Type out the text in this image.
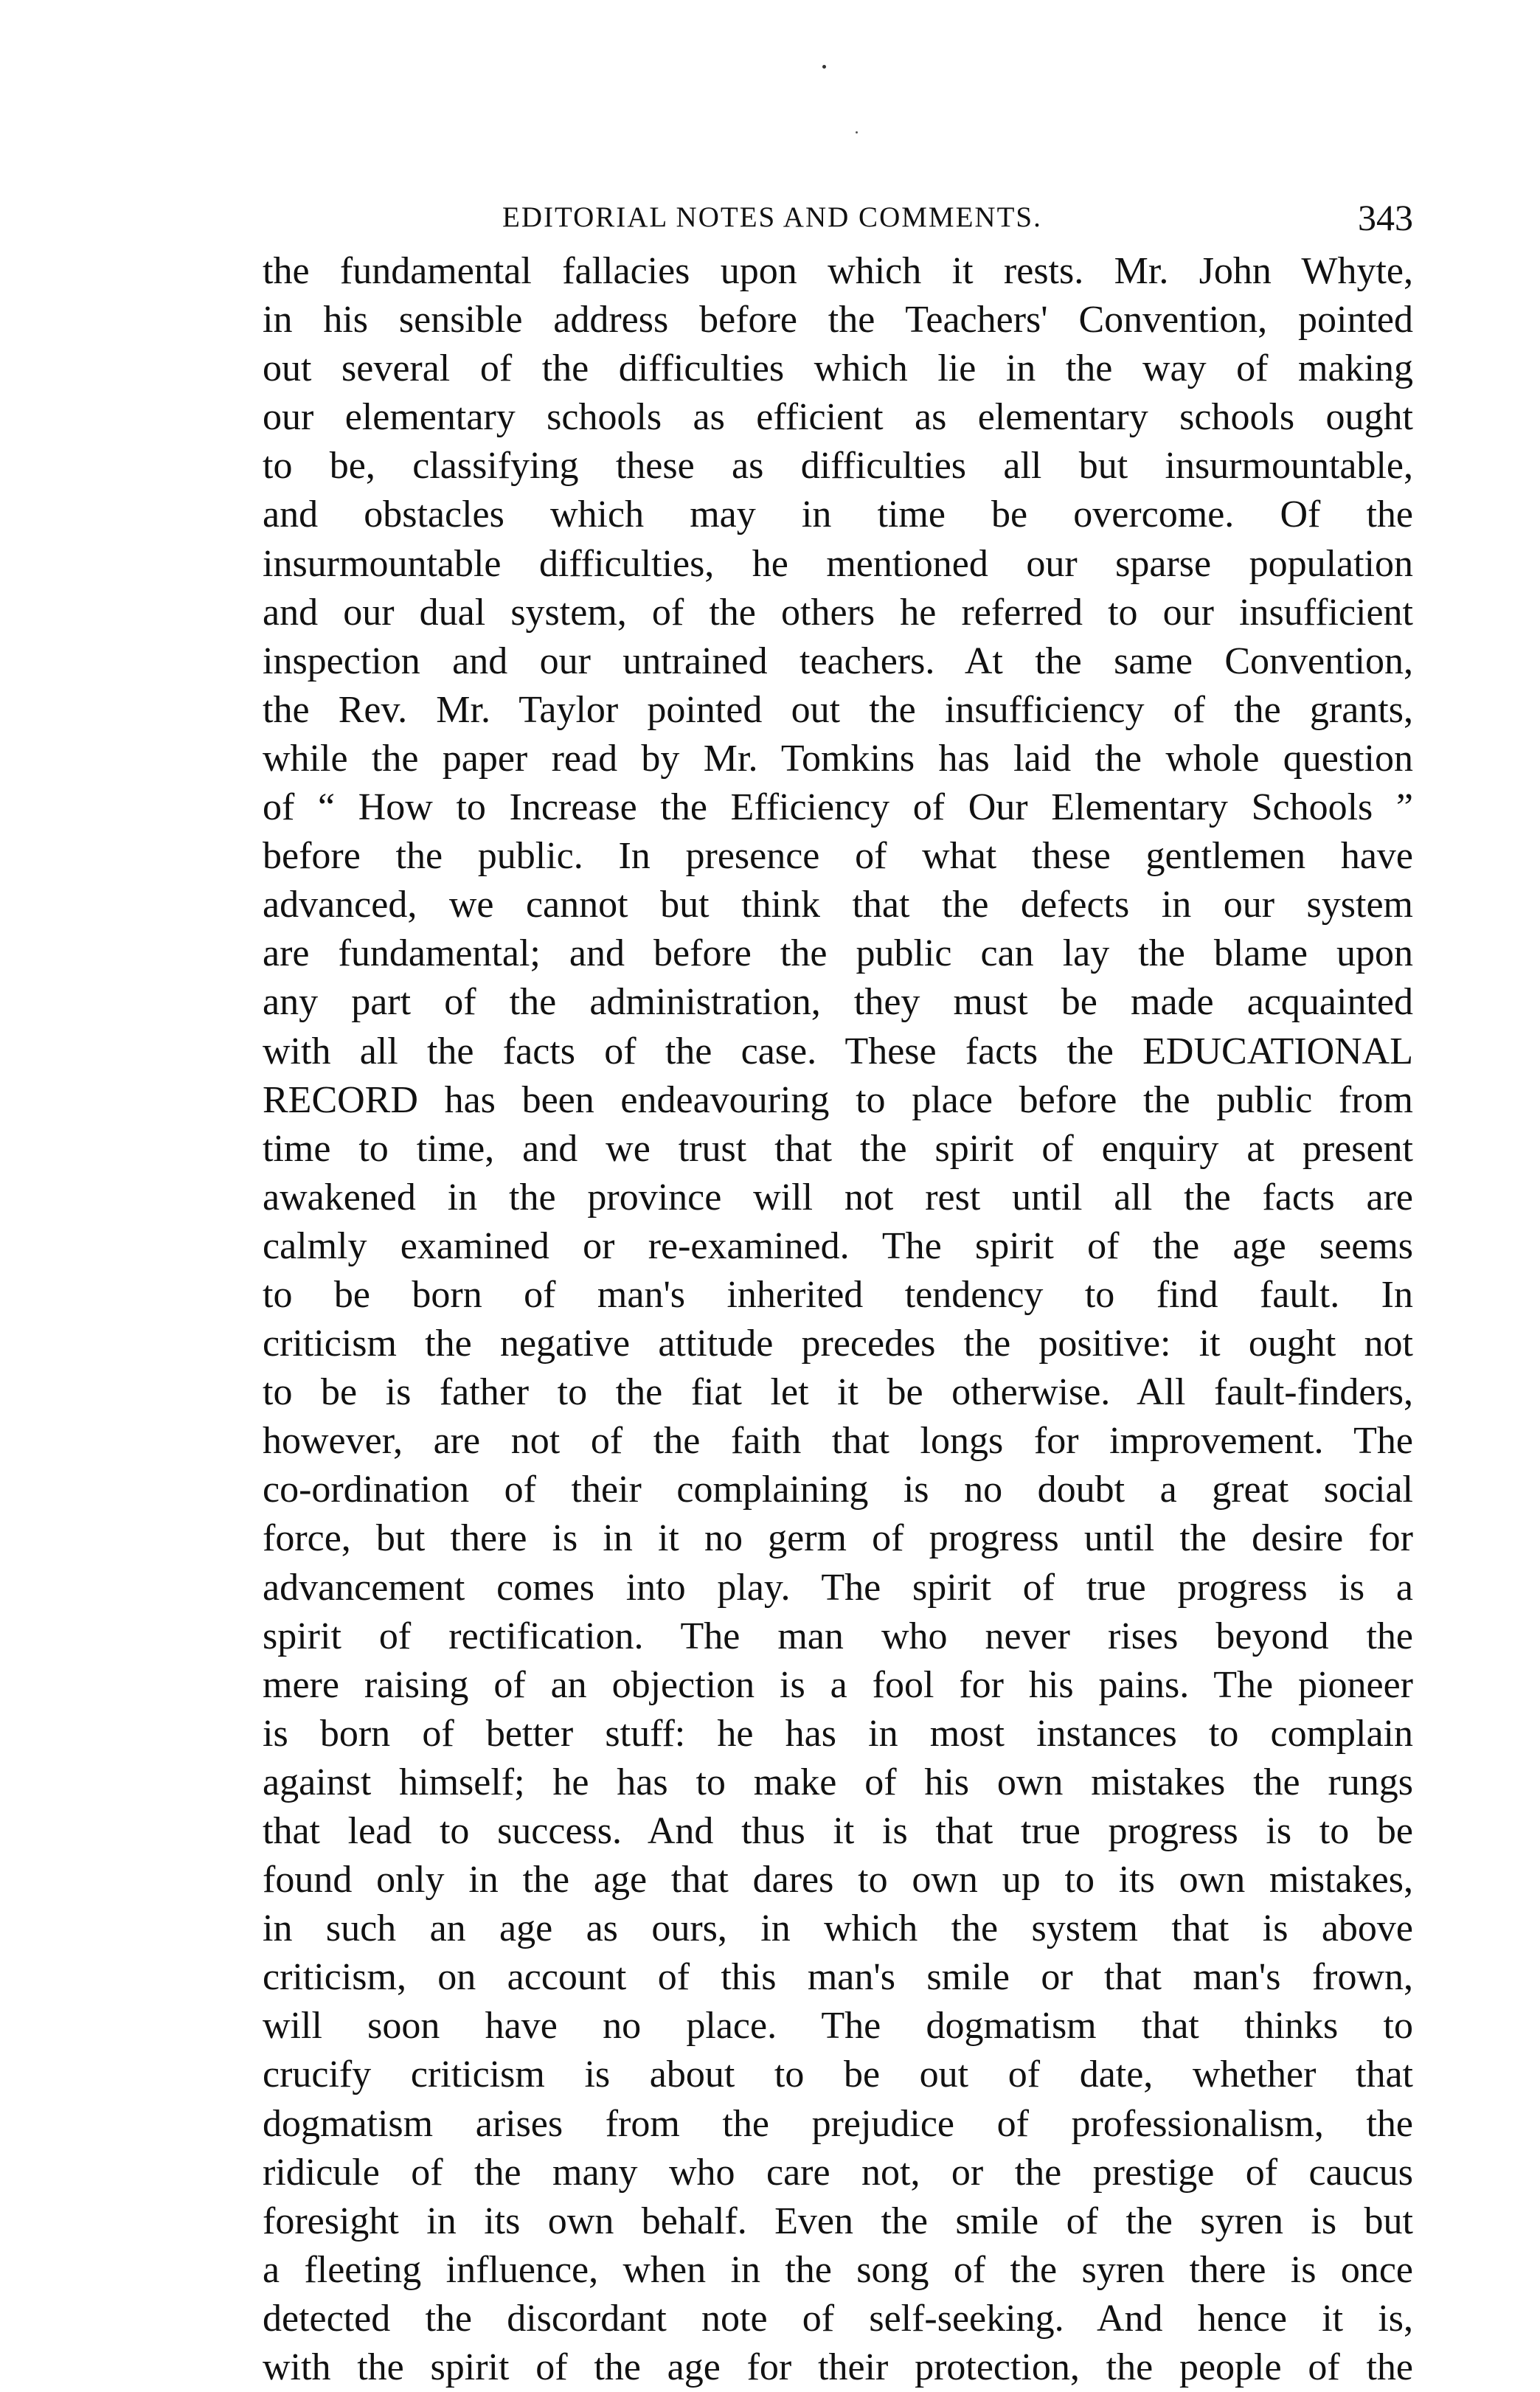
EDITORIAL NOTES AND COMMENTS.	343
the fundamental fallacies upon which it rests. Mr. John Whyte,
in his sensible address before the Teachers' Convention, pointed
out several of the difficulties which lie in the way of making
our elementary schools as efficient as elementary schools ought
to be, classifying these as difficulties all but insurmountable,
and obstacles which may in time be overcome. Of the
insurmountable difficulties, he mentioned our sparse population
and our dual system, of the others he referred to our insufficient
inspection and our untrained teachers. At the same Convention,
the Rev. Mr. Taylor pointed out the insufficiency of the grants,
while the paper read by Mr. Tomkins has laid the whole question
of “ How to Increase the Efficiency of Our Elementary Schools ”
before the public. In presence of what these gentlemen have
advanced, we cannot but think that the defects in our system
are fundamental; and before the public can lay the blame upon
any part of the administration, they must be made acquainted
with all the facts of the case. These facts the EDUCATIONAL
RECORD has been endeavouring to place before the public from
time to time, and we trust that the spirit of enquiry at present
awakened in the province will not rest until all the facts are
calmly examined or re-examined. The spirit of the age seems
to be born of man's inherited tendency to find fault. In
criticism the negative attitude precedes the positive: it ought not
to be is father to the fiat let it be otherwise. All fault-finders,
however, are not of the faith that longs for improvement. The
co-ordination of their complaining is no doubt a great social
force, but there is in it no germ of progress until the desire for
advancement comes into play. The spirit of true progress is a
spirit of rectification. The man who never rises beyond the
mere raising of an objection is a fool for his pains. The pioneer
is born of better stuff: he has in most instances to complain
against himself; he has to make of his own mistakes the rungs
that lead to success. And thus it is that true progress is to be
found only in the age that dares to own up to its own mistakes,
in such an age as ours, in which the system that is above
criticism, on account of this man's smile or that man's frown,
will soon have no place. The dogmatism that thinks to
crucify criticism is about to be out of date, whether that
dogmatism arises from the prejudice of professionalism, the
ridicule of the many who care not, or the prestige of caucus
foresight in its own behalf. Even the smile of the syren is but
a fleeting influence, when in the song of the syren there is once
detected the discordant note of self-seeking. And hence it is,
with the spirit of the age for their protection, the people of the
